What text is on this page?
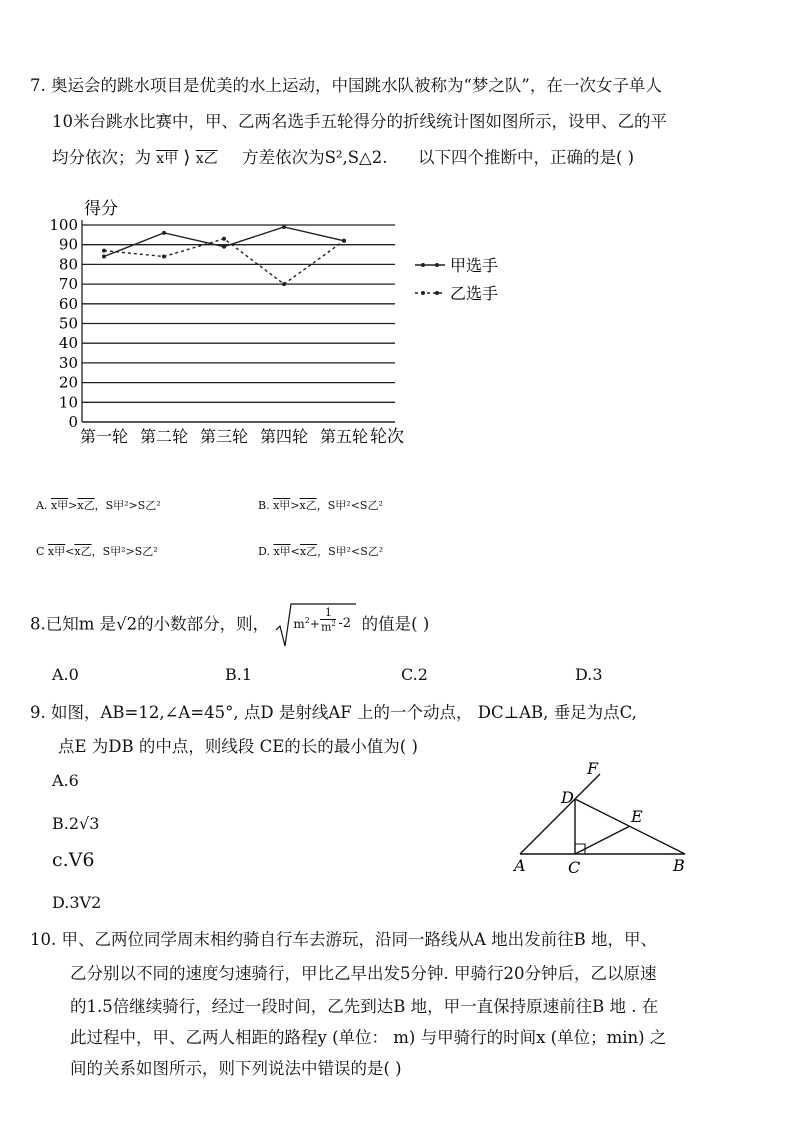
7. 奥运会的跳水项目是优美的水上运动，中国跳水队被称为“梦之队”，在一次女子单人
10米台跳水比赛中，甲、乙两名选手五轮得分的折线统计图如图所示，设甲、乙的平
均分依次；为 x甲 ⟩ x乙 方差依次为S²,S△2. 以下四个推断中，正确的是( )
0
10
20
30
40
50
60
70
80
90
100
第一轮 第二轮 第三轮 第四轮 第五轮
甲选手
乙选手
得分
轮次
A. x甲>x乙，S甲²>S乙²	B. x甲>x乙，S甲²<S乙²
C x甲<x乙，S甲²>S乙²	D. x甲<x乙，S甲²<S乙²
8.已知m 是√2的小数部分，则， $m^2+$
1
$m^2$ -2 的值是( )
A.0	B.1	C.2	D.3
9. 如图，AB=12,∠A=45°, 点D 是射线AF 上的一个动点， DC⊥AB, 垂足为点C,
点E 为DB 的中点，则线段 CE的长的最小值为( )
A.6
B.2√3
c.V6
D.3V2
F
D
E
A	C	B
10. 甲、乙两位同学周末相约骑自行车去游玩，沿同一路线从A 地出发前往B 地，甲、
乙分别以不同的速度匀速骑行，甲比乙早出发5分钟. 甲骑行20分钟后，乙以原速
的1.5倍继续骑行，经过一段时间，乙先到达B 地，甲一直保持原速前往B 地 . 在
此过程中，甲、乙两人相距的路程y (单位： m) 与甲骑行的时间x (单位；min) 之
间的关系如图所示，则下列说法中错误的是( )
